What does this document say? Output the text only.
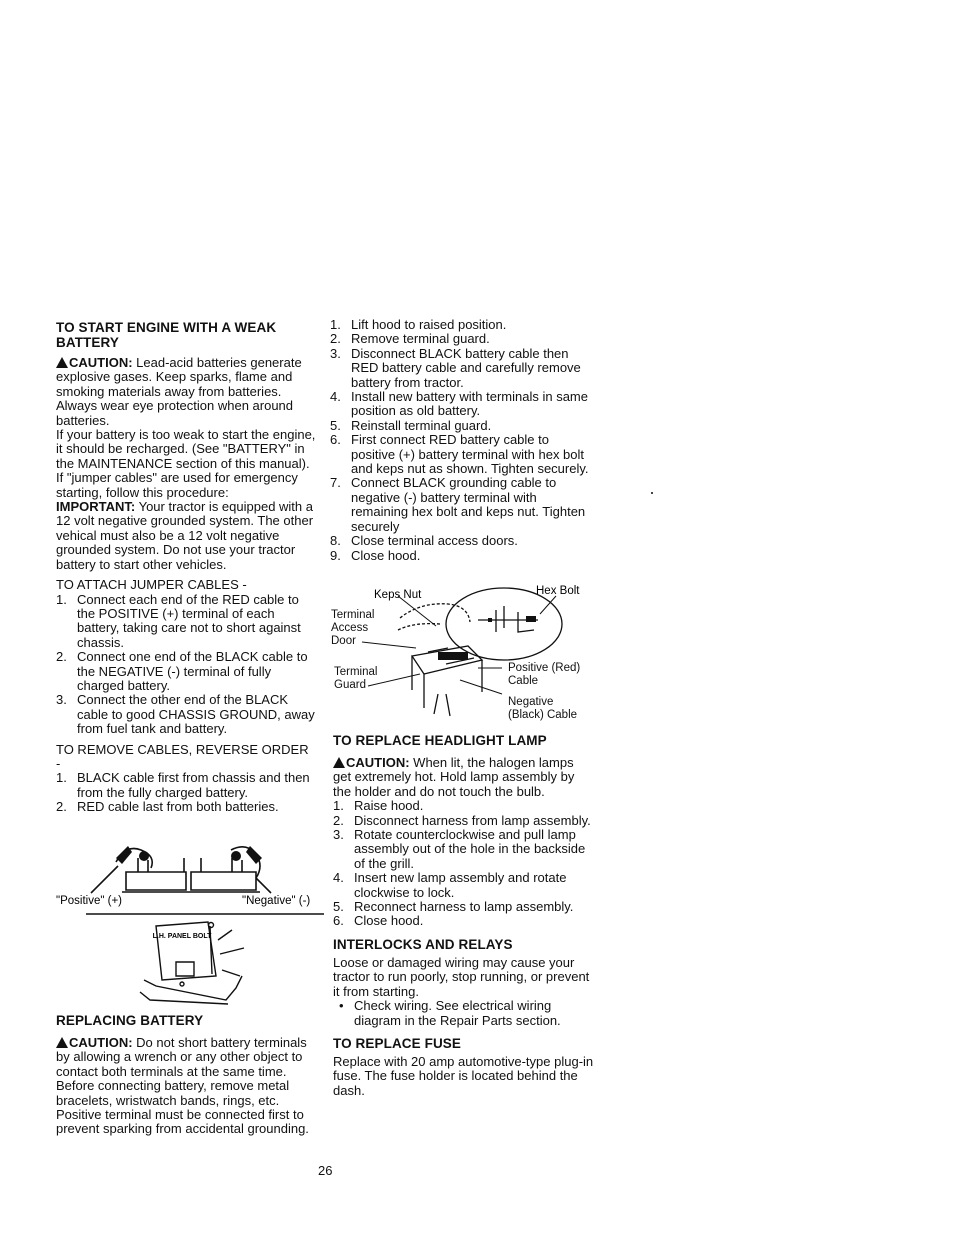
TO START ENGINE WITH A WEAK BATTERY

CAUTION: Lead-acid batteries generate explosive gases. Keep sparks, flame and smoking materials away from batteries. Always wear eye protection when around batteries.

If your battery is too weak to start the engine, it should be recharged. (See "BATTERY" in the MAINTENANCE section of this manual).

If "jumper cables" are used for emergency starting, follow this procedure:

IMPORTANT: Your tractor is equipped with a 12 volt negative grounded system. The other vehical must also be a 12 volt negative grounded system. Do not use your tractor battery to start other vehicles.

TO ATTACH JUMPER CABLES -

1. Connect each end of the RED cable to the POSITIVE (+) terminal of each battery, taking care not to short against chassis.
2. Connect one end of the BLACK cable to the NEGATIVE (-) terminal of fully charged battery.
3. Connect the other end of the BLACK cable to good CHASSIS GROUND, away from fuel tank and battery.

TO REMOVE CABLES, REVERSE ORDER -

1. BLACK cable first from chassis and then from the fully charged battery.
2. RED cable last from both batteries.
"Positive" (+)	"Negative" (-)
L.H. PANEL BOLT
REPLACING BATTERY

CAUTION: Do not short battery terminals by allowing a wrench or any other object to contact both terminals at the same time. Before connecting battery, remove metal bracelets, wristwatch bands, rings, etc.

Positive terminal must be connected first to prevent sparking from accidental grounding.

1. Lift hood to raised position.
2. Remove terminal guard.
3. Disconnect BLACK battery cable then RED battery cable and carefully remove battery from tractor.
4. Install new battery with terminals in same position as old battery.
5. Reinstall terminal guard.
6. First connect RED battery cable to positive (+) battery terminal with hex bolt and keps nut as shown. Tighten securely.
7. Connect BLACK grounding cable to negative (-) battery terminal with remaining hex bolt and keps nut. Tighten securely
8. Close terminal access doors.
9. Close hood.
Keps Nut	Hex Bolt
Terminal Access Door
Terminal Guard
Positive (Red) Cable
Negative (Black) Cable
TO REPLACE HEADLIGHT LAMP

CAUTION: When lit, the halogen lamps get extremely hot. Hold lamp assembly by the holder and do not touch the bulb.

1. Raise hood.
2. Disconnect harness from lamp assembly.
3. Rotate counterclockwise and pull lamp assembly out of the hole in the backside of the grill.
4. Insert new lamp assembly and rotate clockwise to lock.
5. Reconnect harness to lamp assembly.
6. Close hood.
INTERLOCKS AND RELAYS

Loose or damaged wiring may cause your tractor to run poorly, stop running, or prevent it from starting.

• Check wiring. See electrical wiring diagram in the Repair Parts section.
TO REPLACE FUSE

Replace with 20 amp automotive-type plug-in fuse. The fuse holder is located behind the dash.

26
